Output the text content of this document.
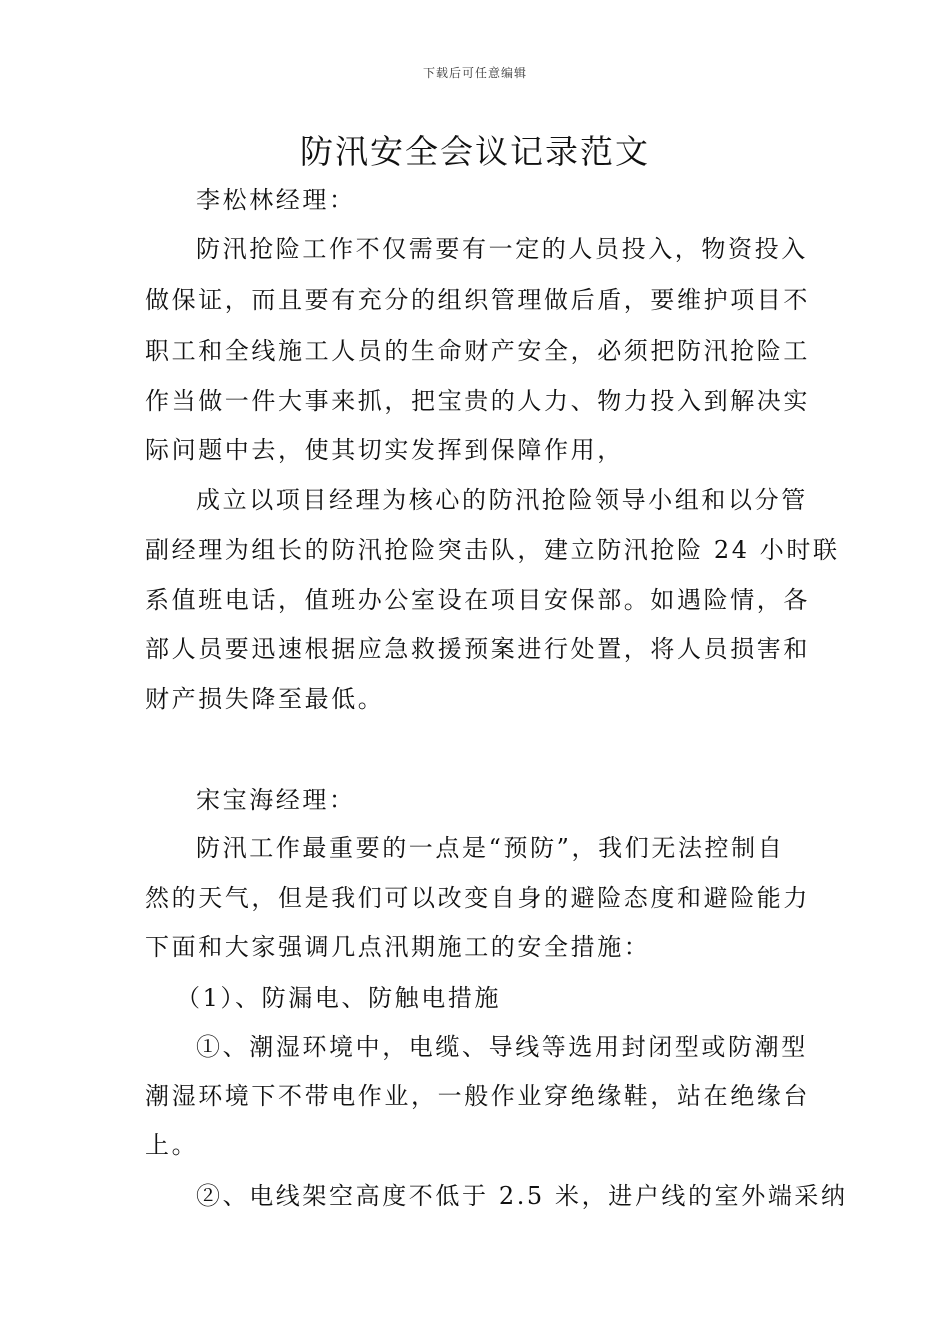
下载后可任意编辑
防汛安全会议记录范文
李松林经理：
防汛抢险工作不仅需要有一定的人员投入，物资投入
做保证，而且要有充分的组织管理做后盾，要维护项目不
职工和全线施工人员的生命财产安全，必须把防汛抢险工
作当做一件大事来抓，把宝贵的人力、物力投入到解决实
际问题中去，使其切实发挥到保障作用，
成立以项目经理为核心的防汛抢险领导小组和以分管
副经理为组长的防汛抢险突击队，建立防汛抢险 24 小时联
系值班电话，值班办公室设在项目安保部。如遇险情，各
部人员要迅速根据应急救援预案进行处置，将人员损害和
财产损失降至最低。
宋宝海经理：
防汛工作最重要的一点是“预防”，我们无法控制自
然的天气，但是我们可以改变自身的避险态度和避险能力
下面和大家强调几点汛期施工的安全措施：
（1）、防漏电、防触电措施
①、潮湿环境中，电缆、导线等选用封闭型或防潮型
潮湿环境下不带电作业，一般作业穿绝缘鞋，站在绝缘台
上。
②、电线架空高度不低于 2.5 米，进户线的室外端采纳
